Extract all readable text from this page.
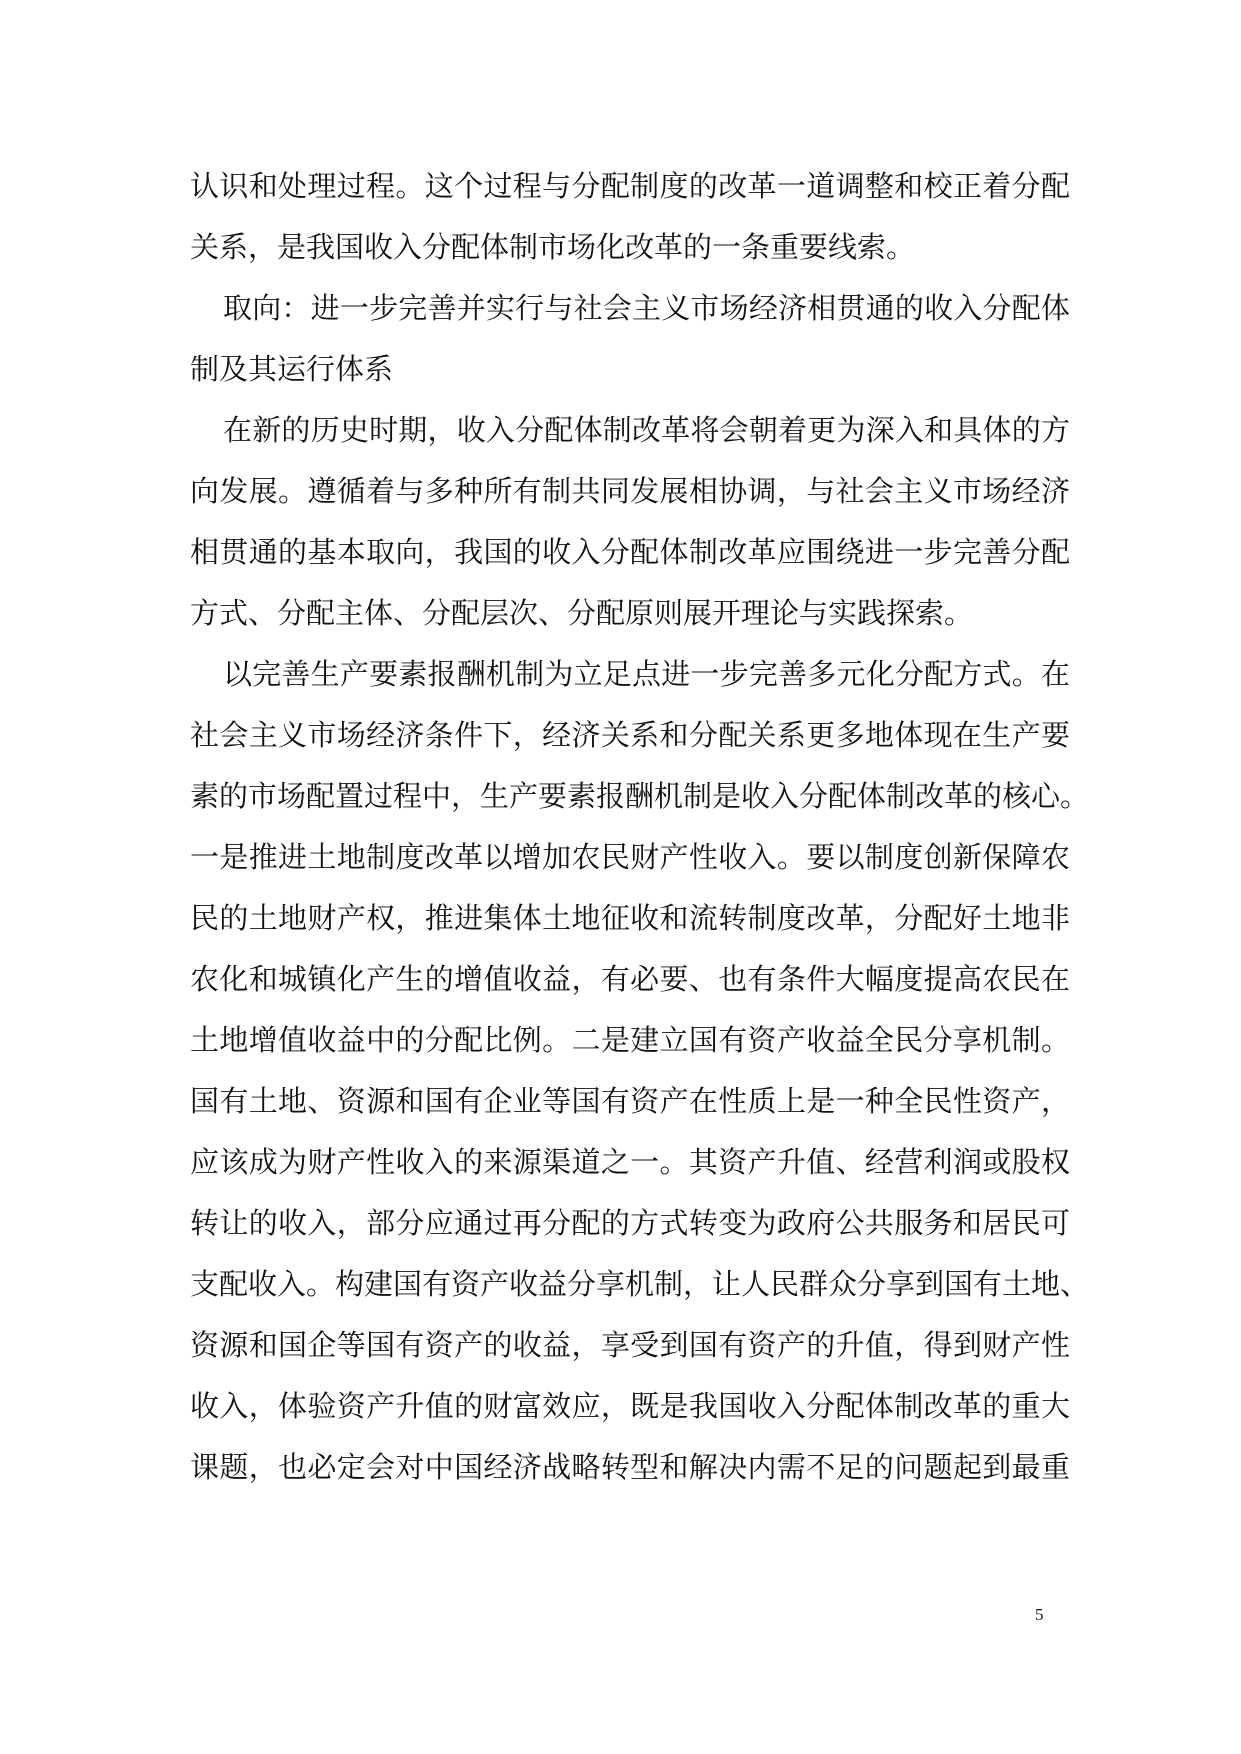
认识和处理过程。这个过程与分配制度的改革一道调整和校正着分配
关系，是我国收入分配体制市场化改革的一条重要线索。
取向：进一步完善并实行与社会主义市场经济相贯通的收入分配体
制及其运行体系
在新的历史时期，收入分配体制改革将会朝着更为深入和具体的方
向发展。遵循着与多种所有制共同发展相协调，与社会主义市场经济
相贯通的基本取向，我国的收入分配体制改革应围绕进一步完善分配
方式、分配主体、分配层次、分配原则展开理论与实践探索。
以完善生产要素报酬机制为立足点进一步完善多元化分配方式。在
社会主义市场经济条件下，经济关系和分配关系更多地体现在生产要
素的市场配置过程中，生产要素报酬机制是收入分配体制改革的核心。
一是推进土地制度改革以增加农民财产性收入。要以制度创新保障农
民的土地财产权，推进集体土地征收和流转制度改革，分配好土地非
农化和城镇化产生的增值收益，有必要、也有条件大幅度提高农民在
土地增值收益中的分配比例。二是建立国有资产收益全民分享机制。
国有土地、资源和国有企业等国有资产在性质上是一种全民性资产，
应该成为财产性收入的来源渠道之一。其资产升值、经营利润或股权
转让的收入，部分应通过再分配的方式转变为政府公共服务和居民可
支配收入。构建国有资产收益分享机制，让人民群众分享到国有土地、
资源和国企等国有资产的收益，享受到国有资产的升值，得到财产性
收入，体验资产升值的财富效应，既是我国收入分配体制改革的重大
课题，也必定会对中国经济战略转型和解决内需不足的问题起到最重
5
